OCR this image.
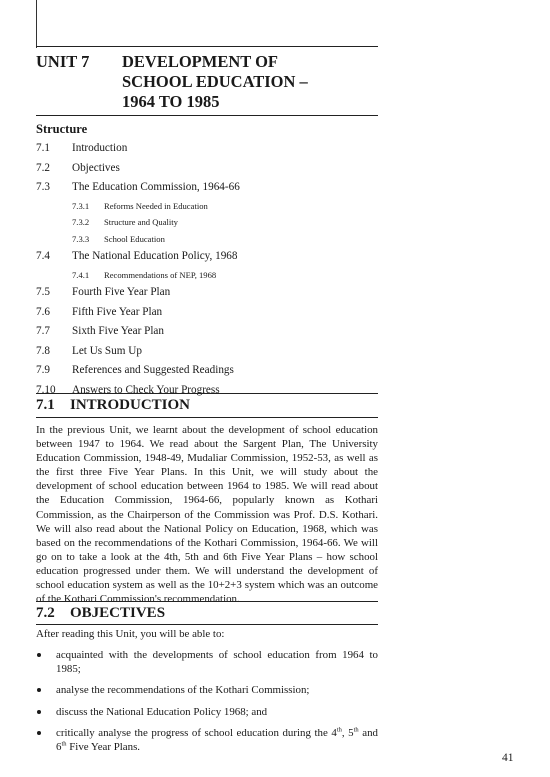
UNIT 7 DEVELOPMENT OF
SCHOOL EDUCATION –
1964 TO 1985
Structure
7.1 Introduction
7.2 Objectives
7.3 The Education Commission, 1964-66
7.3.1 Reforms Needed in Education
7.3.2 Structure and Quality
7.3.3 School Education
7.4 The National Education Policy, 1968
7.4.1 Recommendations of NEP, 1968
7.5 Fourth Five Year Plan
7.6 Fifth Five Year Plan
7.7 Sixth Five Year Plan
7.8 Let Us Sum Up
7.9 References and Suggested Readings
7.10 Answers to Check Your Progress
7.1 INTRODUCTION
In the previous Unit, we learnt about the development of school education between 1947 to 1964. We read about the Sargent Plan, The University Education Commission, 1948-49, Mudaliar Commission, 1952-53, as well as the first three Five Year Plans. In this Unit, we will study about the development of school education between 1964 to 1985. We will read about the Education Commission, 1964-66, popularly known as Kothari Commission, as the Chairperson of the Commission was Prof. D.S. Kothari. We will also read about the National Policy on Education, 1968, which was based on the recommendations of the Kothari Commission, 1964-66. We will go on to take a look at the 4th, 5th and 6th Five Year Plans – how school education progressed under them. We will understand the development of school education system as well as the 10+2+3 system which was an outcome of the Kothari Commission's recommendation.
7.2 OBJECTIVES
After reading this Unit, you will be able to:
acquainted with the developments of school education from 1964 to 1985;
analyse the recommendations of the Kothari Commission;
discuss the National Education Policy 1968; and
critically analyse the progress of school education during the 4th, 5th and 6th Five Year Plans.
41
